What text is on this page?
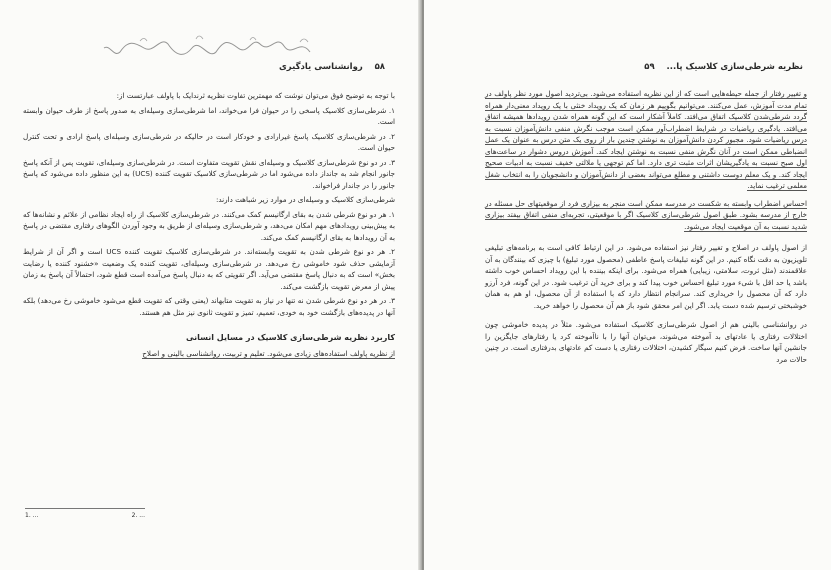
۵۸    روانشناسی یادگیری

با توجه به توضیح فوق می‌توان نوشت که مهمترین تفاوت نظریه ثرندایک با پاولف عبارتست از:

۱. شرطی‌سازی کلاسیک پاسخی را در حیوان فرا می‌خواند، اما شرطی‌سازی وسیله‌ای به صدور پاسخ از طرف حیوان وابسته است.

۲. در شرطی‌سازی کلاسیک پاسخ غیرارادی و خودکار است در حالیکه در شرطی‌سازی وسیله‌ای پاسخ ارادی و تحت کنترل حیوان است.

۳. در دو نوع شرطی‌سازی کلاسیک و وسیله‌ای نقش تقویت متفاوت است. در شرطی‌سازی وسیله‌ای، تقویت پس از آنکه پاسخ جانور انجام شد به جانداز داده می‌شود اما در شرطی‌سازی کلاسیک تقویت کننده (UCS) به این منظور داده می‌شود که پاسخ جانور را در جاندار فرا‌خواند.

شرطی‌سازی کلاسیک و وسیله‌ای در موارد زیر شباهت دارند:

۱. هر دو نوع شرطی شدن به بقای ارگانیسم کمک می‌کنند. در شرطی‌سازی کلاسیک از راه ایجاد نظامی از علائم و نشانه‌ها که به پیش‌بینی رویدادهای مهم امکان می‌دهد، و شرطی‌سازی وسیله‌ای از طریق به وجود آوردن الگوهای رفتاری مقتضی در پاسخ به آن رویدادها به بقای ارگانیسم کمک می‌کند.

۲. هر دو نوع شرطی شدن به تقویت وابسته‌اند. در شرطی‌سازی کلاسیک تقویت کننده UCS است و اگر آن از شرایط آزمایشی حذف شود خاموشی رخ می‌دهد. در شرطی‌سازی وسیله‌ای، تقویت کننده یک وضعیت «خشنود کننده یا رضایت بخش» است که به دنبال پاسخ مقتضی می‌آید. اگر تقویتی که به دنبال پاسخ می‌آمده است قطع شود، احتمالاً آن پاسخ به زمان پیش از معرض تقویت بازگشت می‌کند.

۳. در هر دو نوع شرطی شدن نه تنها در نیاز به تقویت متابهاند (یعنی وقتی که تقویت قطع می‌شود خاموشی رخ می‌دهد) بلکه آنها در پدیده‌های بازگشت خود به خودی، تعمیم، تمیز و تقویت ثانوی نیز مثل هم هستند.

کاربرد نظریه شرطی‌سازی کلاسیک در مسایل انسانی

از نظریه پاولف استفاده‌های زیادی می‌شود. تعلیم و تربیت، روانشناسی بالینی و اصلاح

1. ...	2. ...
نظریه شرطی‌سازی کلاسیک پا...    ۵۹

و تغییر رفتار از جمله حیطه‌هایی است که از این نظریه استفاده می‌شود. بی‌تردید اصول مورد نظر پاولف در تمام مدت آموزش، عمل می‌کنند. می‌توانیم بگوییم هر زمان که یک رویداد خنثی با یک رویداد معنی‌دار همراه گردد شرطی‌شدن کلاسیک اتفاق می‌افتد. کاملاً آشکار است که این گونه همراه شدن رویدادها همیشه اتفاق می‌افتد. یادگیری ریاضیات در شرایط اضطراب‌آور ممکن است موجب نگرش منفی دانش‌آموزان نسبت به درس ریاضیات شود. مجبور کردن دانش‌آموزان به نوشتن چندین بار از روی یک متن درس به عنوان یک عمل انضباطی ممکن است در آنان نگرش منفی نسبت به نوشتن ایجاد کند. آموزش دروس دشوار در ساعت‌های اول صبح نسبت به یادگیریشان اثرات مثبت تری دارد. اما کم توجهی یا ملالتی خفیف نسبت به ادبیات صحیح ایجاد کند. و یک معلم دوست داشتنی و مطلع می‌تواند بعضی از دانش‌آموزان و دانشجویان را به انتخاب شغل معلمی ترغیب نماید.

احساس اضطراب وابسته به شکست در مدرسه ممکن است منجر به بیزاری فرد از موقعیتهای حل مسئله در خارج از مدرسه بشود. طبق اصول شرطی‌سازی کلاسیک اگر با موقعیتی، تجربه‌ای منفی اتفاق بیفتد بیزاری شدید نسبت به آن موقعیت ایجاد می‌شود.

از اصول پاولف در اصلاح و تغییر رفتار نیز استفاده می‌شود. در این ارتباط کافی است به برنامه‌های تبلیغی تلویزیون به دقت نگاه کنیم. در این گونه تبلیغات پاسخ عاطفی (محصول مورد تبلیغ) با چیزی که بینندگان به آن علاقمندند (مثل ثروت، سلامتی، زیبایی) همراه می‌شود. برای اینکه بیننده با این رویداد احساس خوب داشته باشد یا حد اقل با شیء مورد تبلیغ احساس خوب پیدا کند و برای خرید آن ترغیب شود. در این گونه، فرد آرزو دارد که آن محصول را خریداری کند. سرانجام انتظار دارد که با استفاده از آن محصول، او هم به همان خوشبختی ترسیم شده دست یابد. اگر این امر محقق شود باز هم آن محصول را خواهد خرید.

در روانشناسی بالینی هم از اصول شرطی‌سازی کلاسیک استفاده می‌شود. مثلاً در پدیده خاموشی چون اختلالات رفتاری یا عادتهای بد آموخته می‌شوند، می‌توان آنها را با ناآموخته کرد یا رفتارهای جایگزین را جانشین آنها ساخت. فرض کنیم سیگار کشیدن، اختلالات رفتاری یا دست کم عادتهای بدرفتاری است. در چنین حالات مرد
